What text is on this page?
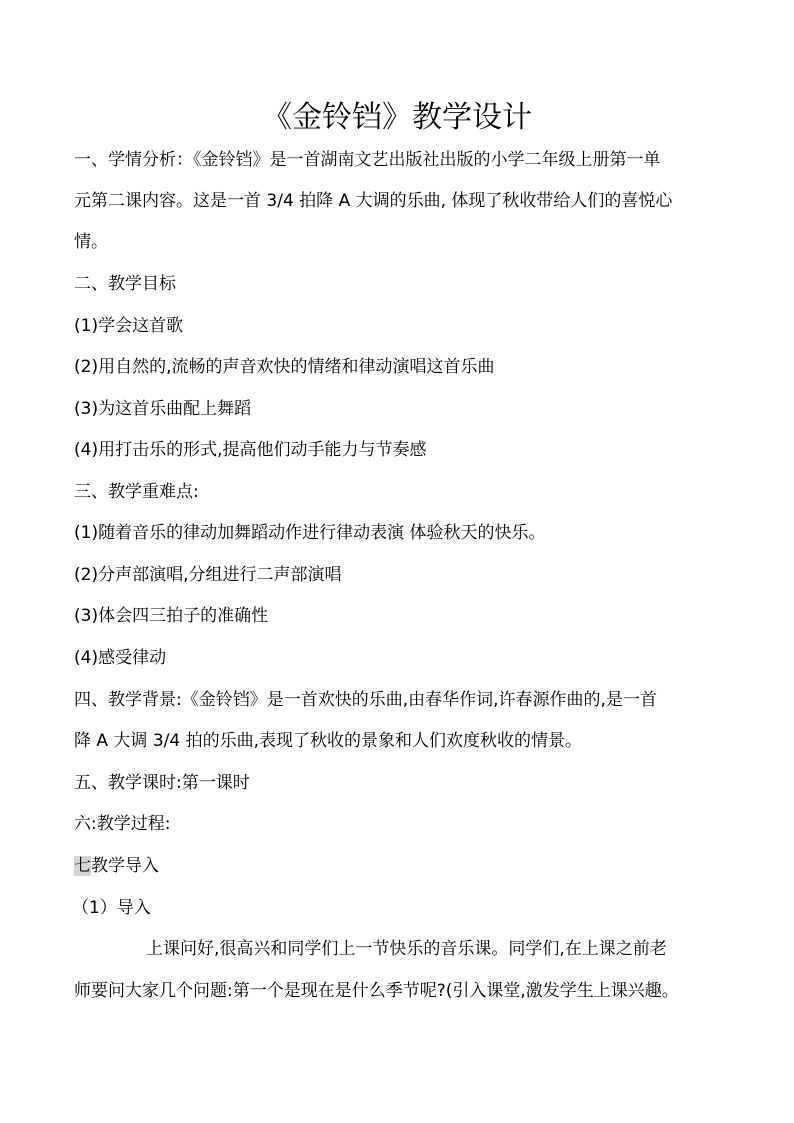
《金铃铛》教学设计
一、学情分析：《金铃铛》是一首湖南文艺出版社出版的小学二年级上册第一单
元第二课内容。这是一首 3/4 拍降 A 大调的乐曲, 体现了秋收带给人们的喜悦心
情。
二、教学目标
(1)学会这首歌
(2)用自然的,流畅的声音欢快的情绪和律动演唱这首乐曲
(3)为这首乐曲配上舞蹈
(4)用打击乐的形式,提高他们动手能力与节奏感
三、教学重难点:
(1)随着音乐的律动加舞蹈动作进行律动表演 体验秋天的快乐。
(2)分声部演唱,分组进行二声部演唱
(3)体会四三拍子的准确性
(4)感受律动
四、教学背景:《金铃铛》是一首欢快的乐曲,由春华作词,许春源作曲的,是一首
降 A 大调 3/4 拍的乐曲,表现了秋收的景象和人们欢度秋收的情景。
五、教学课时:第一课时
六:教学过程:
七教学导入
（1）导入
上课问好,很高兴和同学们上一节快乐的音乐课。同学们,在上课之前老
师要问大家几个问题:第一个是现在是什么季节呢?(引入课堂,激发学生上课兴趣。
